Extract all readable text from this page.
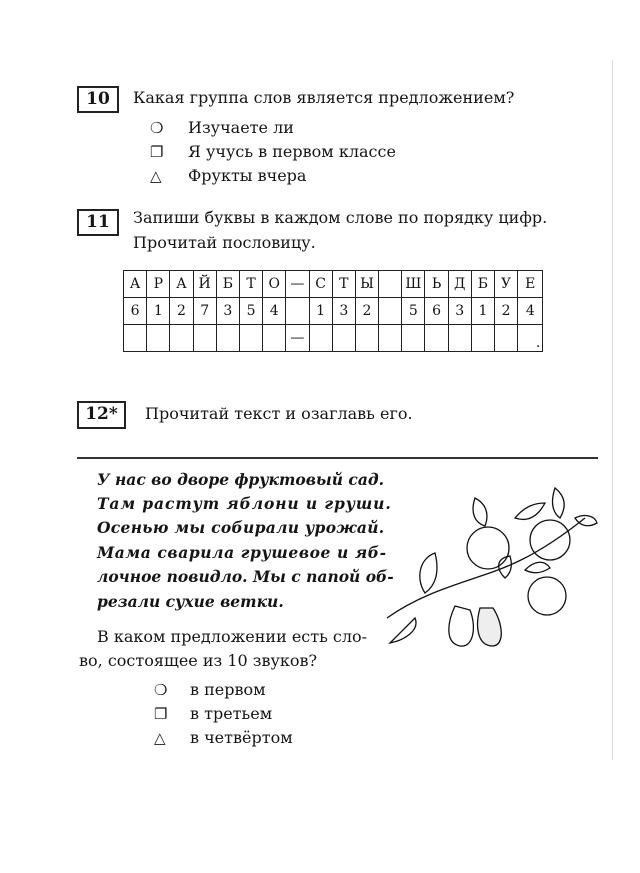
10	Какая группа слов является предложением?
❍ Изучаете ли
❐ Я учусь в первом классе
△ Фрукты вчера
11	Запиши буквы в каждом слове по порядку цифр.
Прочитай пословицу.
А	Р	А	Й	Б	Т	О	—	С	Т	Ы		Ш	Ь	Д	Б	У	Е
6	1	2	7	3	5	4		1	3	2		5	6	3	1	2	4
							—										.
12*	Прочитай текст и озаглавь его.
У нас во дворе фруктовый сад.
Там растут яблони и груши.
Осенью мы собирали урожай.
Мама сварила грушевое и яб-
лочное повидло. Мы с папой об-
резали сухие ветки.
В каком предложении есть сло-
во, состоящее из 10 звуков?
❍ в первом
❐ в третьем
△ в четвёртом
